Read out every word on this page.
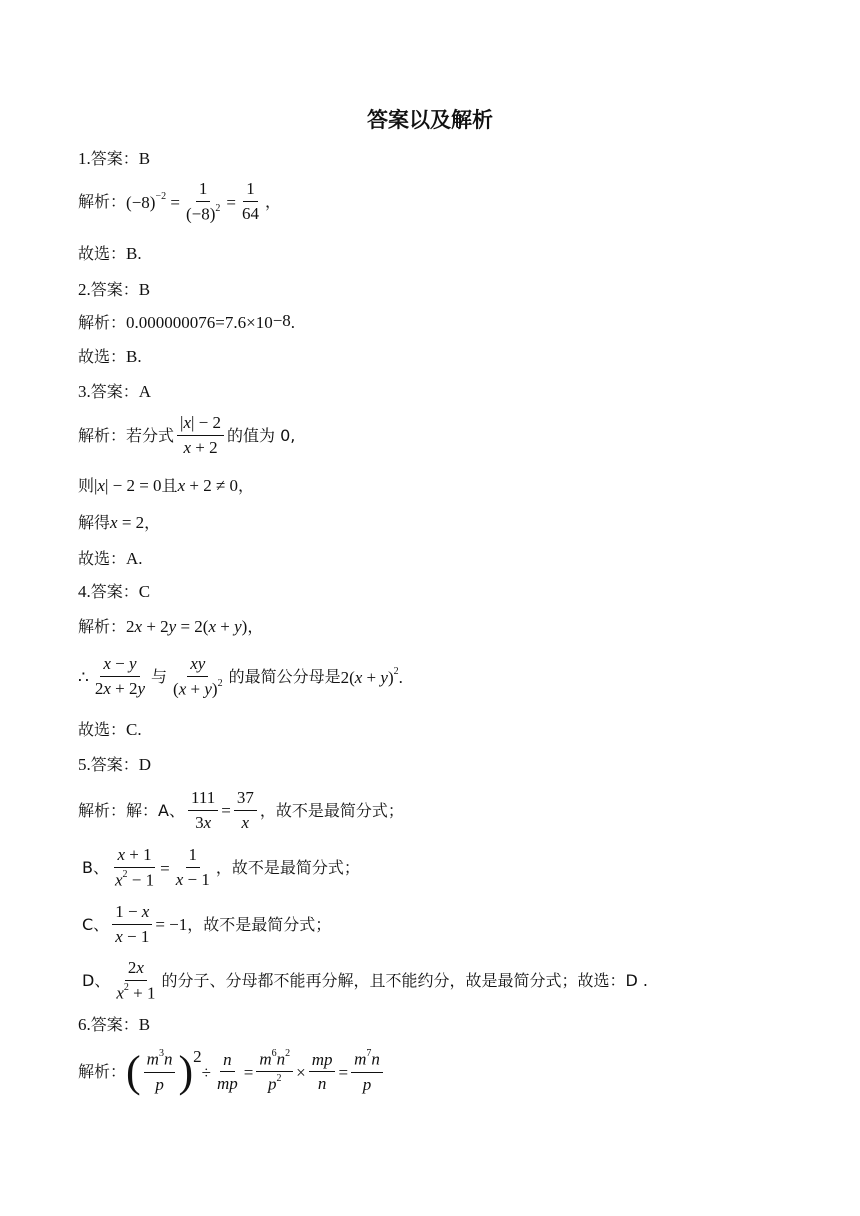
答案以及解析
1. 答案： B
解析： $(-8)^{-2} = \frac{1}{(-8)^2} = \frac{1}{64}$ ，
故选： B.
2. 答案： B
解析： $0.000000076 = 7.6\times 10^{-8}$ .
故选： B.
3. 答案： A
解析： 若分式 $\frac{|x| - 2}{x + 2}$ 的值为 0,
则 |x| − 2 = 0 且 x + 2 ≠ 0 ，
解得 x = 2 ，
故选： A.
4. 答案： C
解析： 2x + 2y = 2(x + y) ，
∴ $\frac{x - y}{2x + 2y}$ 与 $\frac{xy}{(x + y)^2}$ 的最简公分母是 $2(x + y)^2$.
故选： C.
5. 答案： D
解析： 解：A、 $\frac{111}{3x} = \frac{37}{x}$ ，故不是最简分式；
B、 $\frac{x + 1}{x^2 - 1} = \frac{1}{x - 1}$ ，故不是最简分式；
C、 $\frac{1 - x}{x - 1} = -1$ ，故不是最简分式；
D、 $\frac{2x}{x^2 + 1}$ 的分子、分母都不能再分解，且不能约分，故是最简分式；故选：D .
6. 答案： B
解析： ( $\frac{m^3n}{p} )^2$
÷ $\frac{n}{mp} = \frac{m^6n^2}{p^2} \times \frac{mp}{n} = \frac{m^7n}{p}$
